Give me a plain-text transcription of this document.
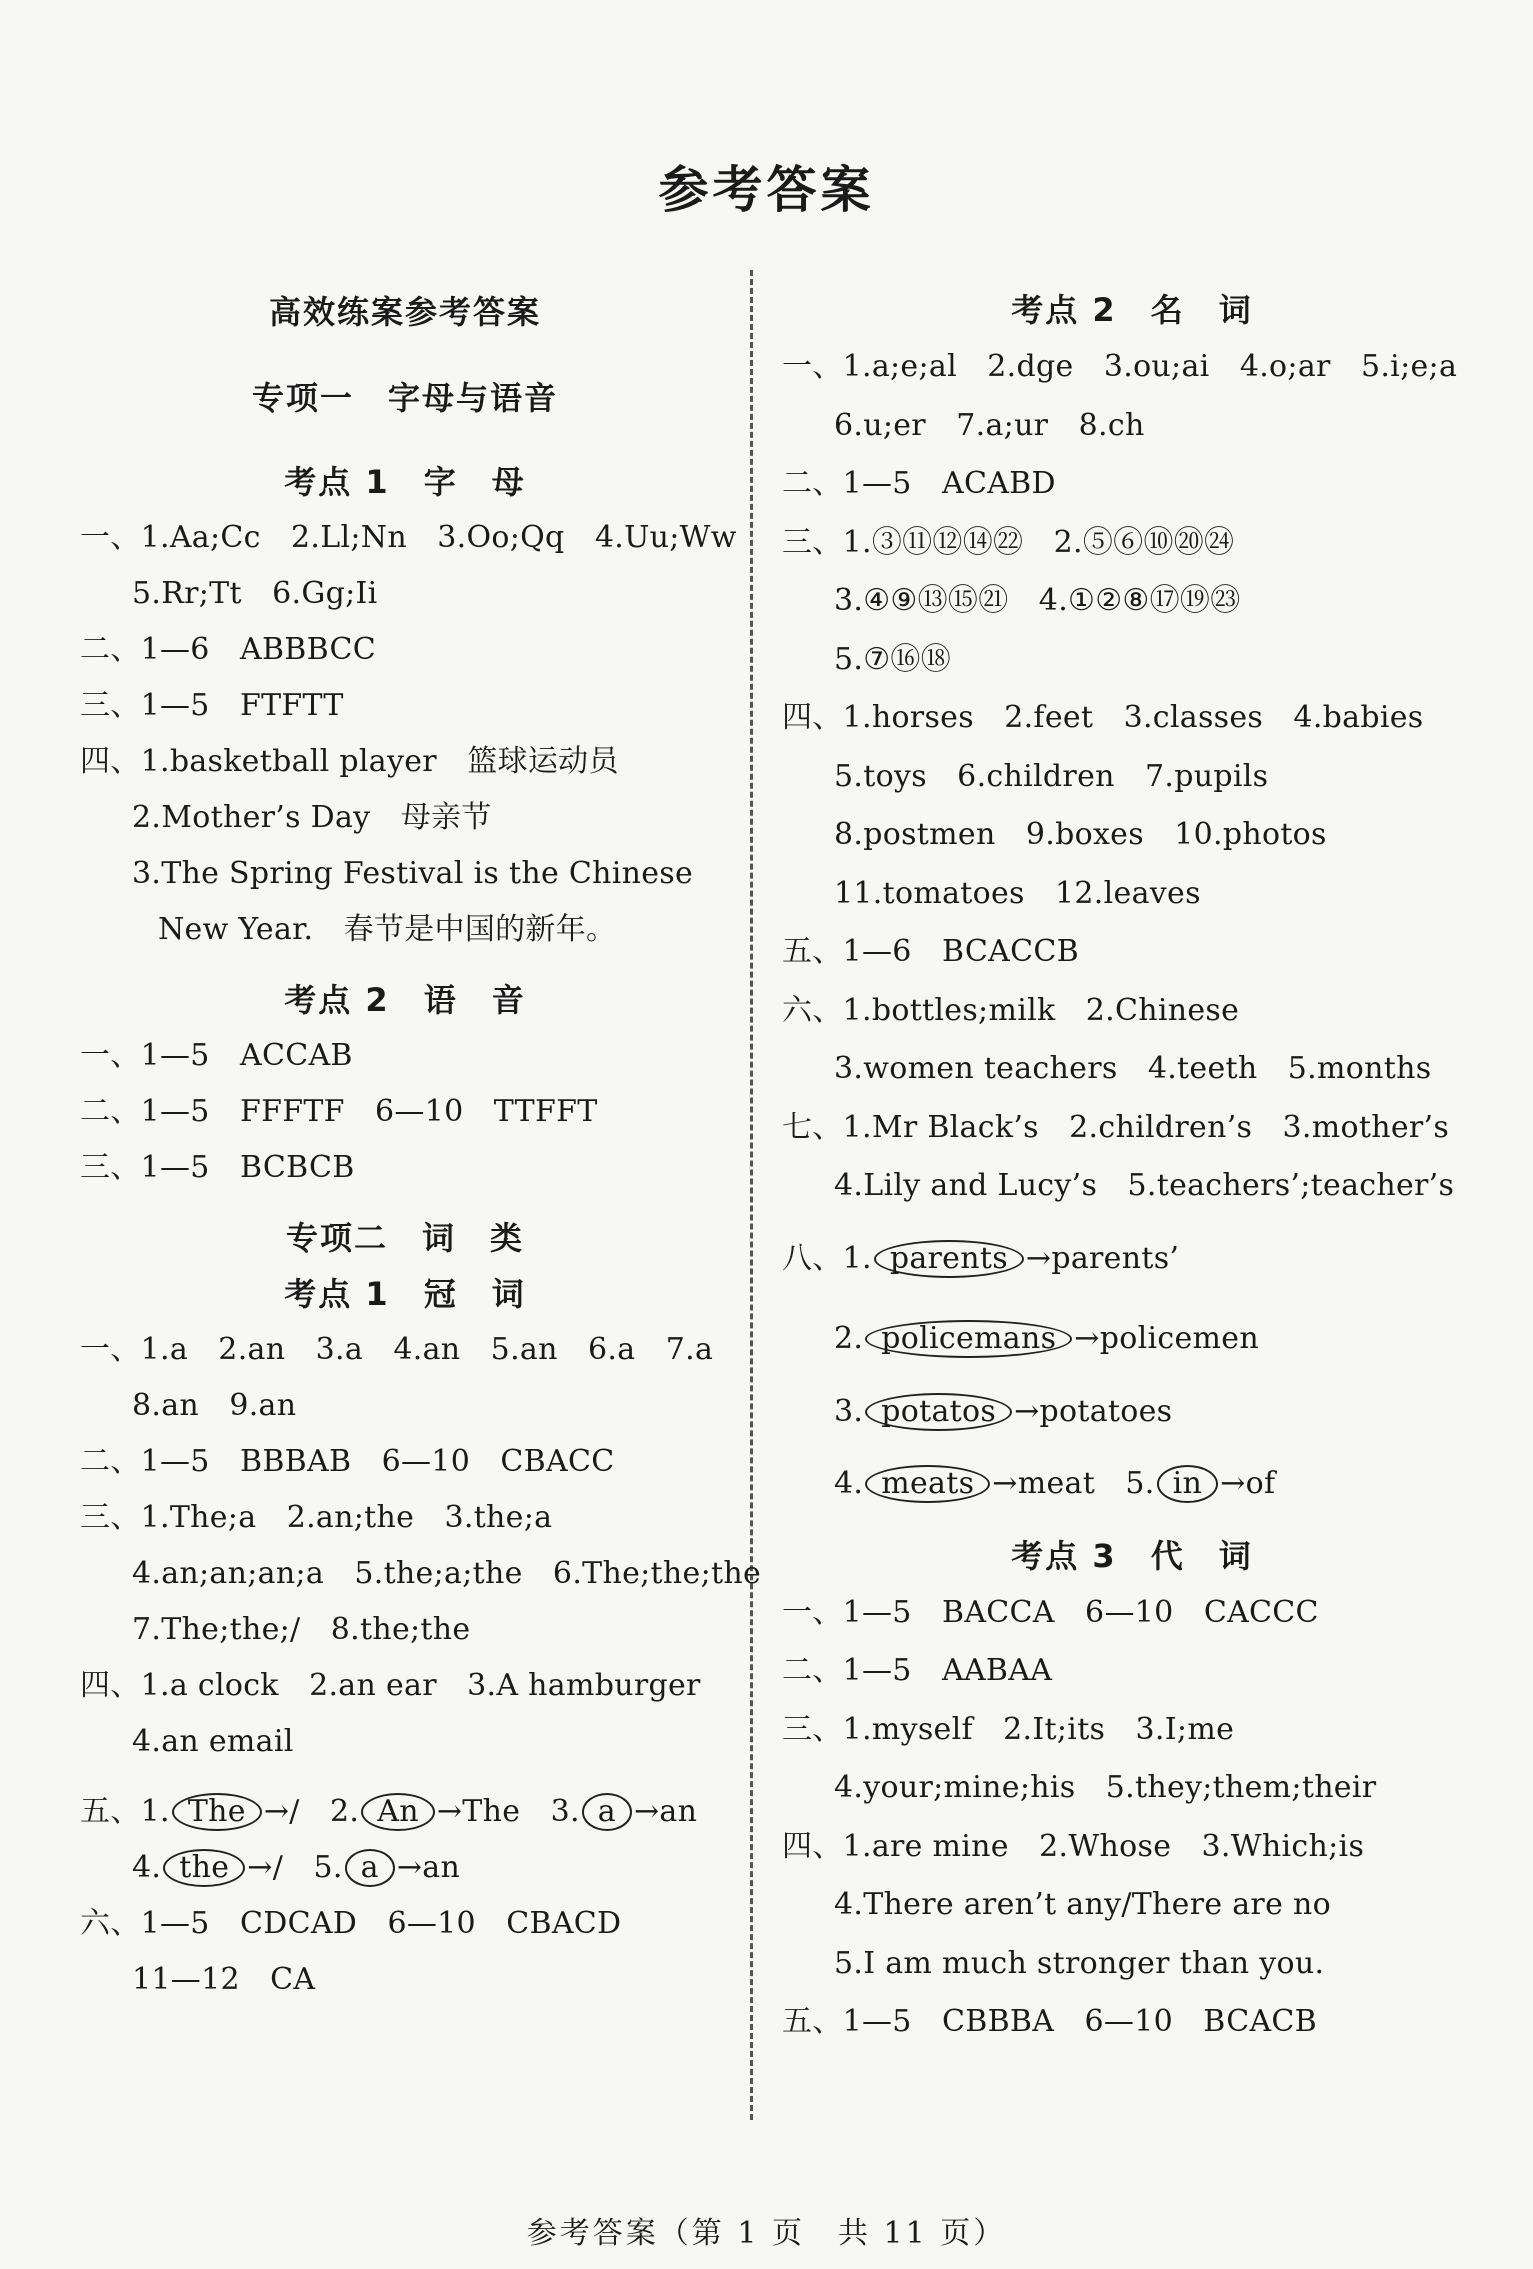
参考答案
高效练案参考答案
专项一　字母与语音
考点 1　字　母
一、1.Aa;Cc　2.Ll;Nn　3.Oo;Qq　4.Uu;Ww
5.Rr;Tt　6.Gg;Ii
二、1—6　ABBBCC
三、1—5　FTFTT
四、1.basketball player　篮球运动员
2.Mother’s Day　母亲节
3.The Spring Festival is the Chinese
New Year.　春节是中国的新年。
考点 2　语　音
一、1—5　ACCAB
二、1—5　FFFTF　6—10　TTFFT
三、1—5　BCBCB
专项二　词　类
考点 1　冠　词
一、1.a　2.an　3.a　4.an　5.an　6.a　7.a
8.an　9.an
二、1—5　BBBAB　6—10　CBACC
三、1.The;a　2.an;the　3.the;a
4.an;an;an;a　5.the;a;the　6.The;the;the
7.The;the;/　8.the;the
四、1.a clock　2.an ear　3.A hamburger
4.an email
五、1. The →/　 2. An →The　 3. a →an
4. the →/　 5. a →an
六、1—5　CDCAD　6—10　CBACD
11—12　CA
考点 2　名　词
一、1.a;e;al　2.dge　3.ou;ai　4.o;ar　5.i;e;a
6.u;er　7.a;ur　8.ch
二、1—5　ACABD
三、1.③⑪⑫⑭㉒　2.⑤⑥⑩⑳㉔
3.④⑨⑬⑮㉑　4.①②⑧⑰⑲㉓
5.⑦⑯⑱
四、1.horses　2.feet　3.classes　4.babies
5.toys　6.children　7.pupils
8.postmen　9.boxes　10.photos
11.tomatoes　12.leaves
五、1—6　BCACCB
六、1.bottles;milk　2.Chinese
3.women teachers　4.teeth　5.months
七、1.Mr Black’s　2.children’s　3.mother’s
4.Lily and Lucy’s　5.teachers’;teacher’s
八、1. parents →parents’
2. policemans →policemen
3. potatos →potatoes
4. meats →meat　 5. in →of
考点 3　代　词
一、1—5　BACCA　6—10　CACCC
二、1—5　AABAA
三、1.myself　2.It;its　3.I;me
4.your;mine;his　5.they;them;their
四、1.are mine　2.Whose　3.Which;is
4.There aren’t any/There are no
5.I am much stronger than you.
五、1—5　CBBBA　6—10　BCACB
参考答案（第 1 页　共 11 页）
